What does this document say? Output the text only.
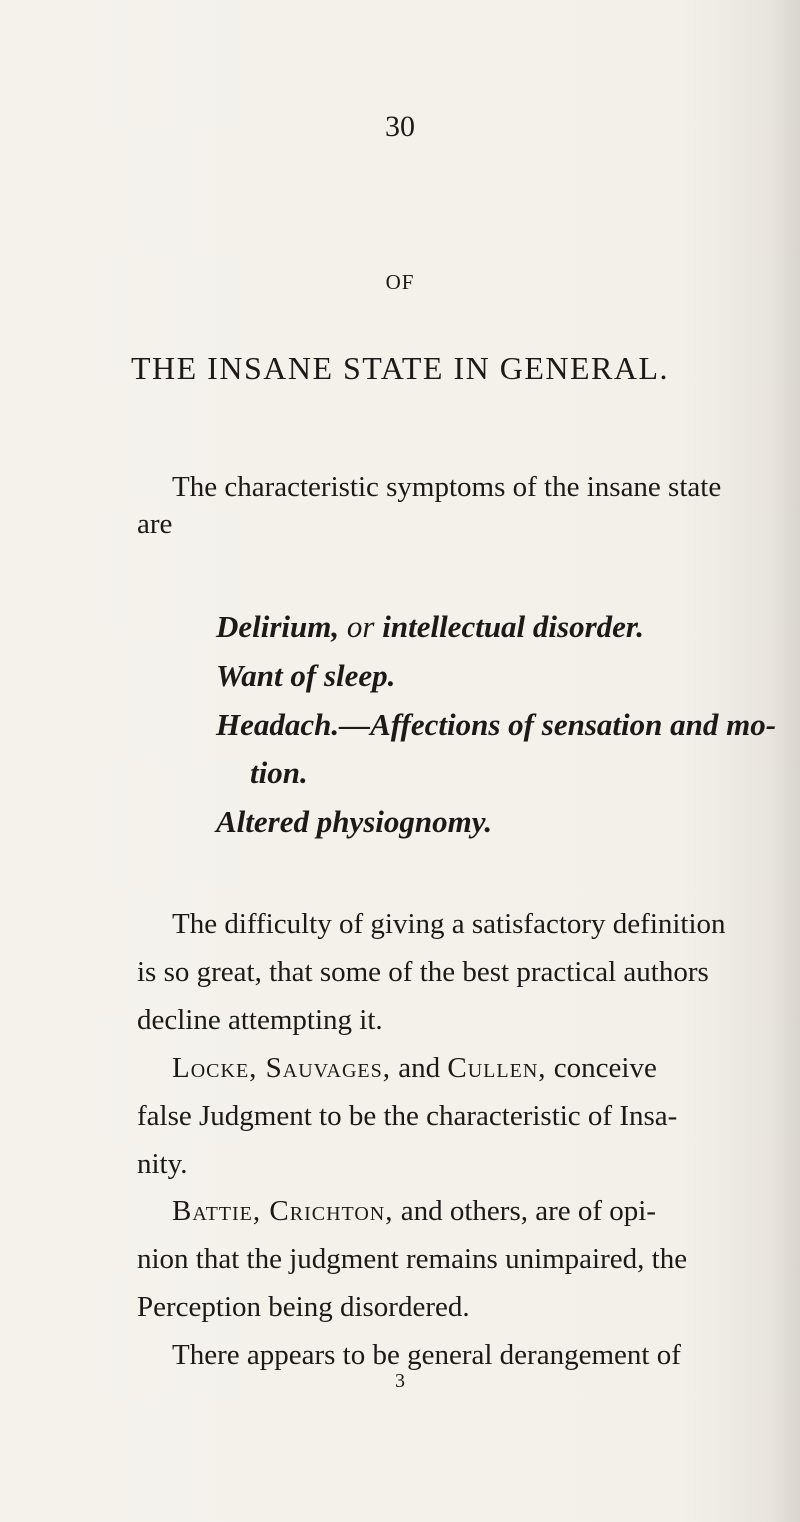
30
OF
THE INSANE STATE IN GENERAL.
The characteristic symptoms of the insane state
are
Delirium, or intellectual disorder.
Want of sleep.
Headach.—Affections of sensation and mo-
tion.
Altered physiognomy.
The difficulty of giving a satisfactory definition
is so great, that some of the best practical authors
decline attempting it.
Locke, Sauvages, and Cullen, conceive
false Judgment to be the characteristic of Insa-
nity.
Battie, Crichton, and others, are of opi-
nion that the judgment remains unimpaired, the
Perception being disordered.
There appears to be general derangement of
3
